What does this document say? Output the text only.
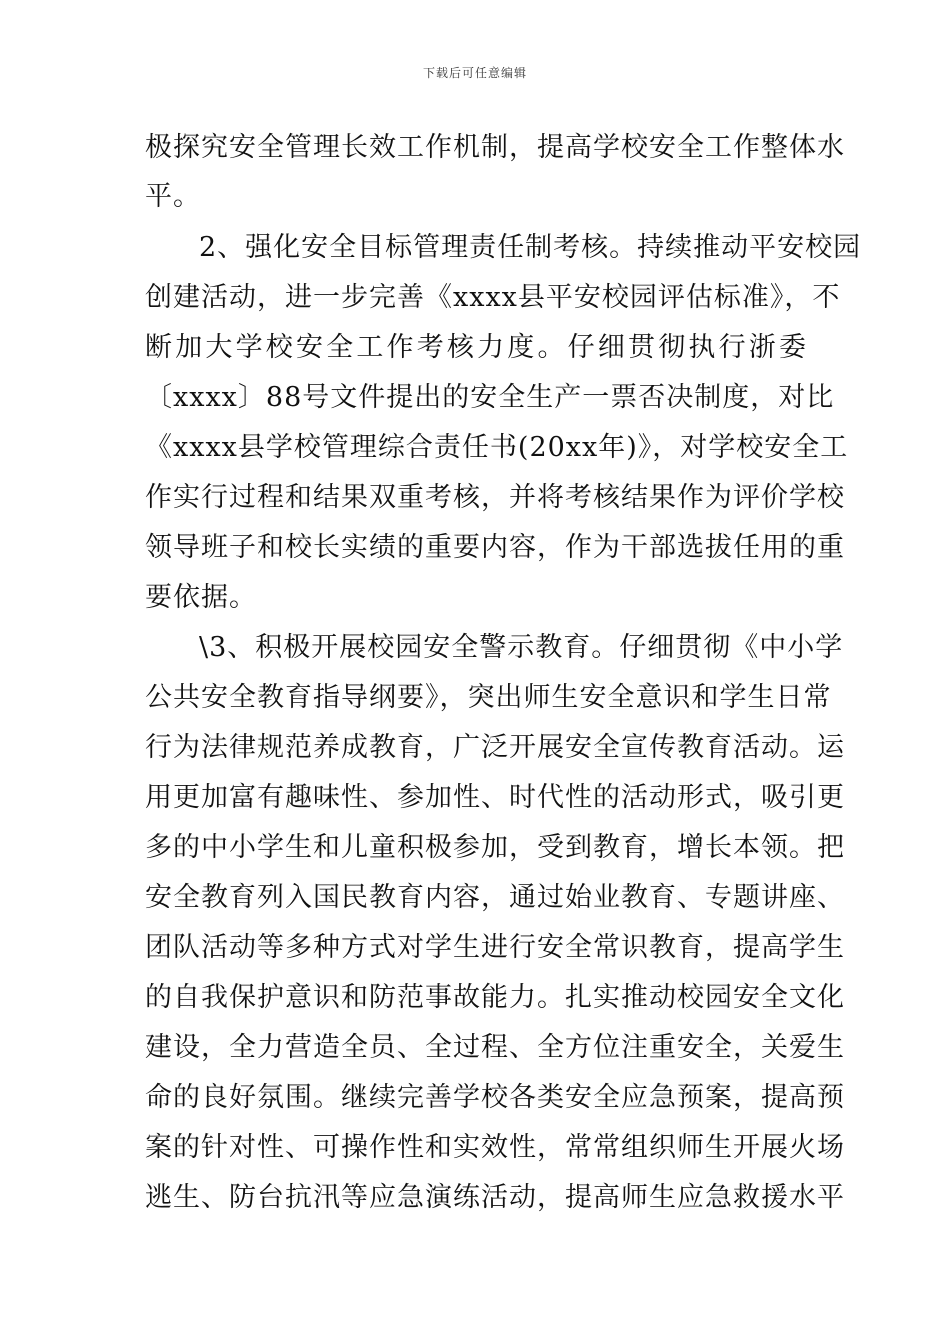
下载后可任意编辑
极探究安全管理长效工作机制，提高学校安全工作整体水
平。
2、强化安全目标管理责任制考核。持续推动平安校园
创建活动，进一步完善《xxxx县平安校园评估标准》，不
断加大学校安全工作考核力度。仔细贯彻执行浙委
〔xxxx〕88号文件提出的安全生产一票否决制度，对比
《xxxx县学校管理综合责任书(20xx年)》，对学校安全工
作实行过程和结果双重考核，并将考核结果作为评价学校
领导班子和校长实绩的重要内容，作为干部选拔任用的重
要依据。
\3、积极开展校园安全警示教育。仔细贯彻《中小学
公共安全教育指导纲要》，突出师生安全意识和学生日常
行为法律规范养成教育，广泛开展安全宣传教育活动。运
用更加富有趣味性、参加性、时代性的活动形式，吸引更
多的中小学生和儿童积极参加，受到教育，增长本领。把
安全教育列入国民教育内容，通过始业教育、专题讲座、
团队活动等多种方式对学生进行安全常识教育，提高学生
的自我保护意识和防范事故能力。扎实推动校园安全文化
建设，全力营造全员、全过程、全方位注重安全，关爱生
命的良好氛围。继续完善学校各类安全应急预案，提高预
案的针对性、可操作性和实效性，常常组织师生开展火场
逃生、防台抗汛等应急演练活动，提高师生应急救援水平
